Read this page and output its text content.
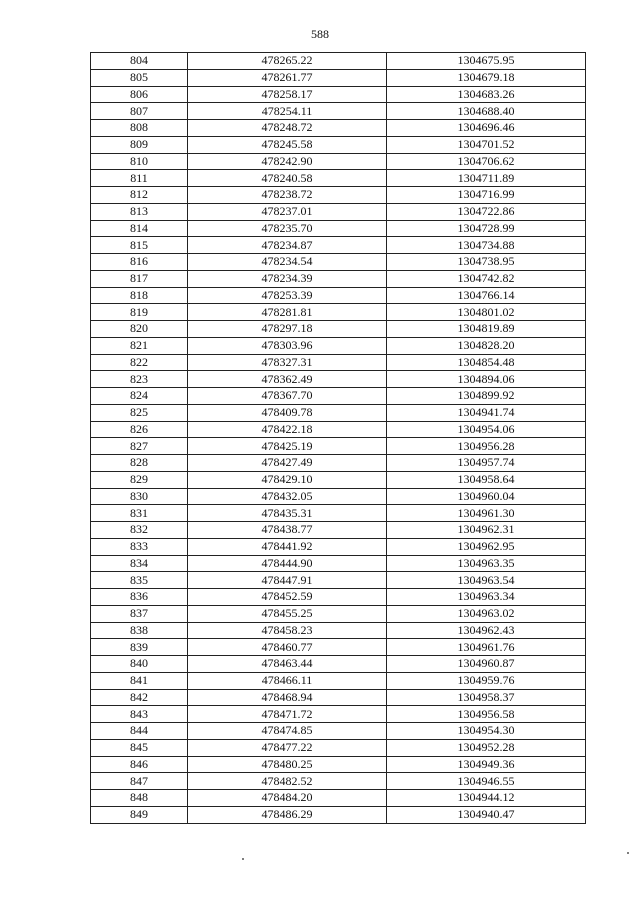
588
804	478265.22	1304675.95
805	478261.77	1304679.18
806	478258.17	1304683.26
807	478254.11	1304688.40
808	478248.72	1304696.46
809	478245.58	1304701.52
810	478242.90	1304706.62
811	478240.58	1304711.89
812	478238.72	1304716.99
813	478237.01	1304722.86
814	478235.70	1304728.99
815	478234.87	1304734.88
816	478234.54	1304738.95
817	478234.39	1304742.82
818	478253.39	1304766.14
819	478281.81	1304801.02
820	478297.18	1304819.89
821	478303.96	1304828.20
822	478327.31	1304854.48
823	478362.49	1304894.06
824	478367.70	1304899.92
825	478409.78	1304941.74
826	478422.18	1304954.06
827	478425.19	1304956.28
828	478427.49	1304957.74
829	478429.10	1304958.64
830	478432.05	1304960.04
831	478435.31	1304961.30
832	478438.77	1304962.31
833	478441.92	1304962.95
834	478444.90	1304963.35
835	478447.91	1304963.54
836	478452.59	1304963.34
837	478455.25	1304963.02
838	478458.23	1304962.43
839	478460.77	1304961.76
840	478463.44	1304960.87
841	478466.11	1304959.76
842	478468.94	1304958.37
843	478471.72	1304956.58
844	478474.85	1304954.30
845	478477.22	1304952.28
846	478480.25	1304949.36
847	478482.52	1304946.55
848	478484.20	1304944.12
849	478486.29	1304940.47
